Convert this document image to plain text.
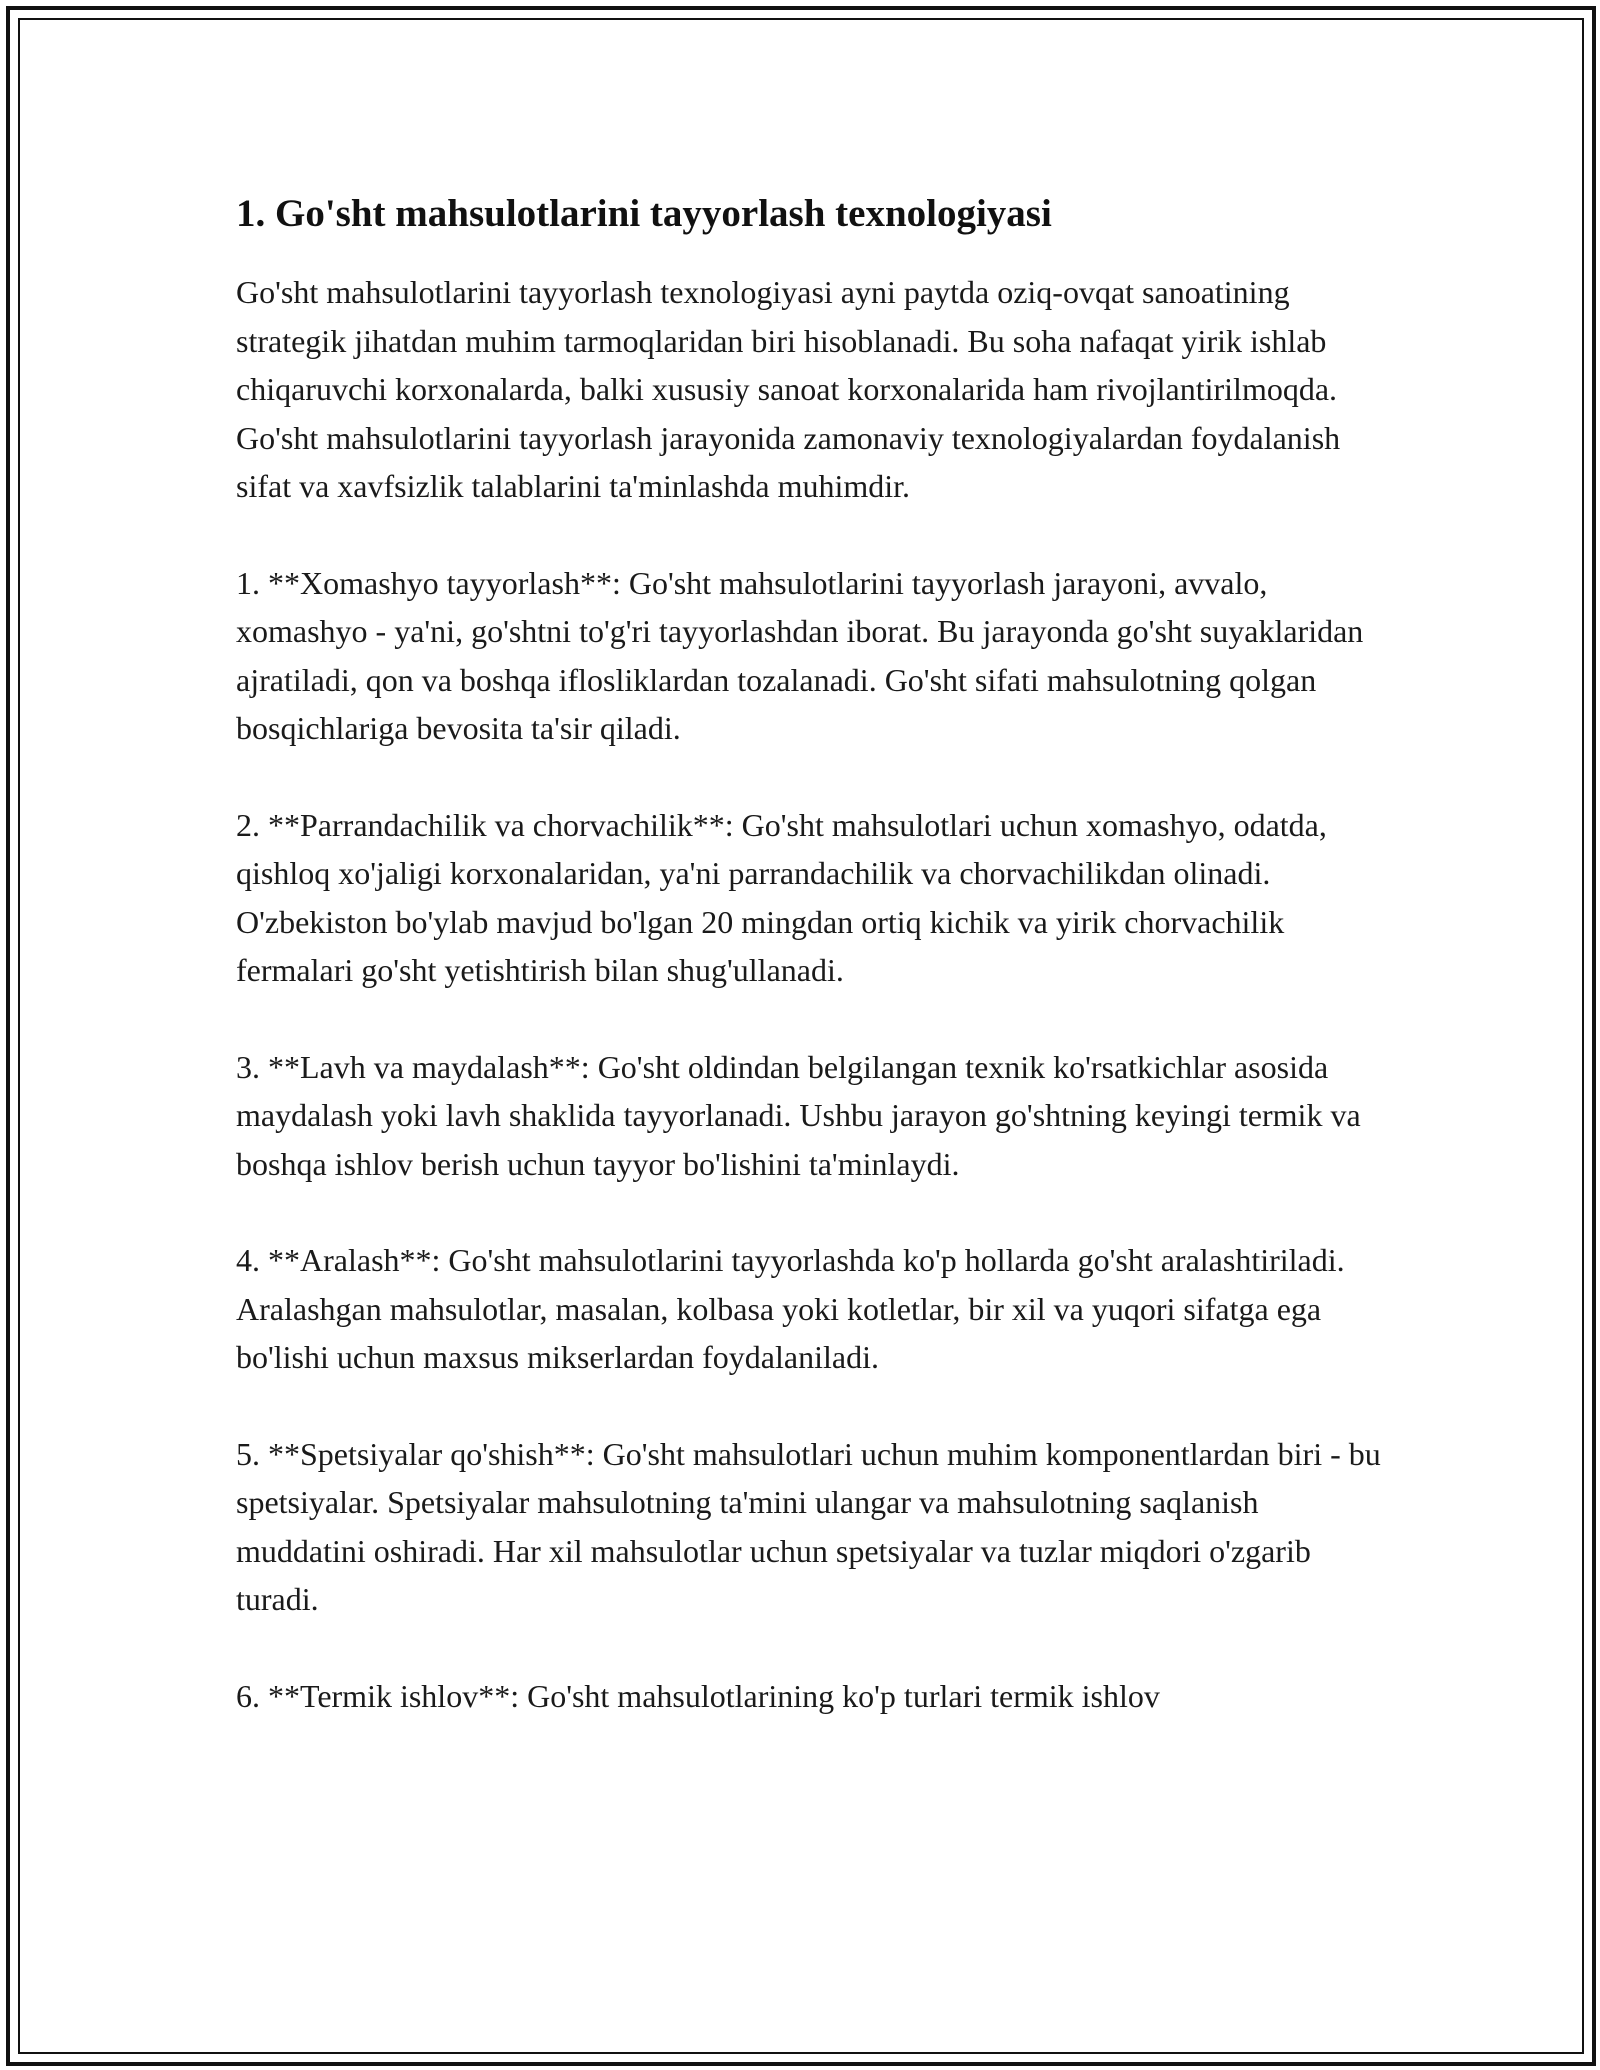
1. Go'sht mahsulotlarini tayyorlash texnologiyasi

Go'sht mahsulotlarini tayyorlash texnologiyasi ayni paytda oziq-ovqat sanoatining strategik jihatdan muhim tarmoqlaridan biri hisoblanadi. Bu soha nafaqat yirik ishlab chiqaruvchi korxonalarda, balki xususiy sanoat korxonalarida ham rivojlantirilmoqda. Go'sht mahsulotlarini tayyorlash jarayonida zamonaviy texnologiyalardan foydalanish sifat va xavfsizlik talablarini ta'minlashda muhimdir.

1. **Xomashyo tayyorlash**: Go'sht mahsulotlarini tayyorlash jarayoni, avvalo, xomashyo - ya'ni, go'shtni to'g'ri tayyorlashdan iborat. Bu jarayonda go'sht suyaklaridan ajratiladi, qon va boshqa iflosliklardan tozalanadi. Go'sht sifati mahsulotning qolgan bosqichlariga bevosita ta'sir qiladi.

2. **Parrandachilik va chorvachilik**: Go'sht mahsulotlari uchun xomashyo, odatda, qishloq xo'jaligi korxonalaridan, ya'ni parrandachilik va chorvachilikdan olinadi. O'zbekiston bo'ylab mavjud bo'lgan 20 mingdan ortiq kichik va yirik chorvachilik fermalari go'sht yetishtirish bilan shug'ullanadi.

3. **Lavh va maydalash**: Go'sht oldindan belgilangan texnik ko'rsatkichlar asosida maydalash yoki lavh shaklida tayyorlanadi. Ushbu jarayon go'shtning keyingi termik va boshqa ishlov berish uchun tayyor bo'lishini ta'minlaydi.

4. **Aralash**: Go'sht mahsulotlarini tayyorlashda ko'p hollarda go'sht aralashtiriladi. Aralashgan mahsulotlar, masalan, kolbasa yoki kotletlar, bir xil va yuqori sifatga ega bo'lishi uchun maxsus mikserlardan foydalaniladi.

5. **Spetsiyalar qo'shish**: Go'sht mahsulotlari uchun muhim komponentlardan biri - bu spetsiyalar. Spetsiyalar mahsulotning ta'mini ulangar va mahsulotning saqlanish muddatini oshiradi. Har xil mahsulotlar uchun spetsiyalar va tuzlar miqdori o'zgarib turadi.

6. **Termik ishlov**: Go'sht mahsulotlarining ko'p turlari termik ishlov
